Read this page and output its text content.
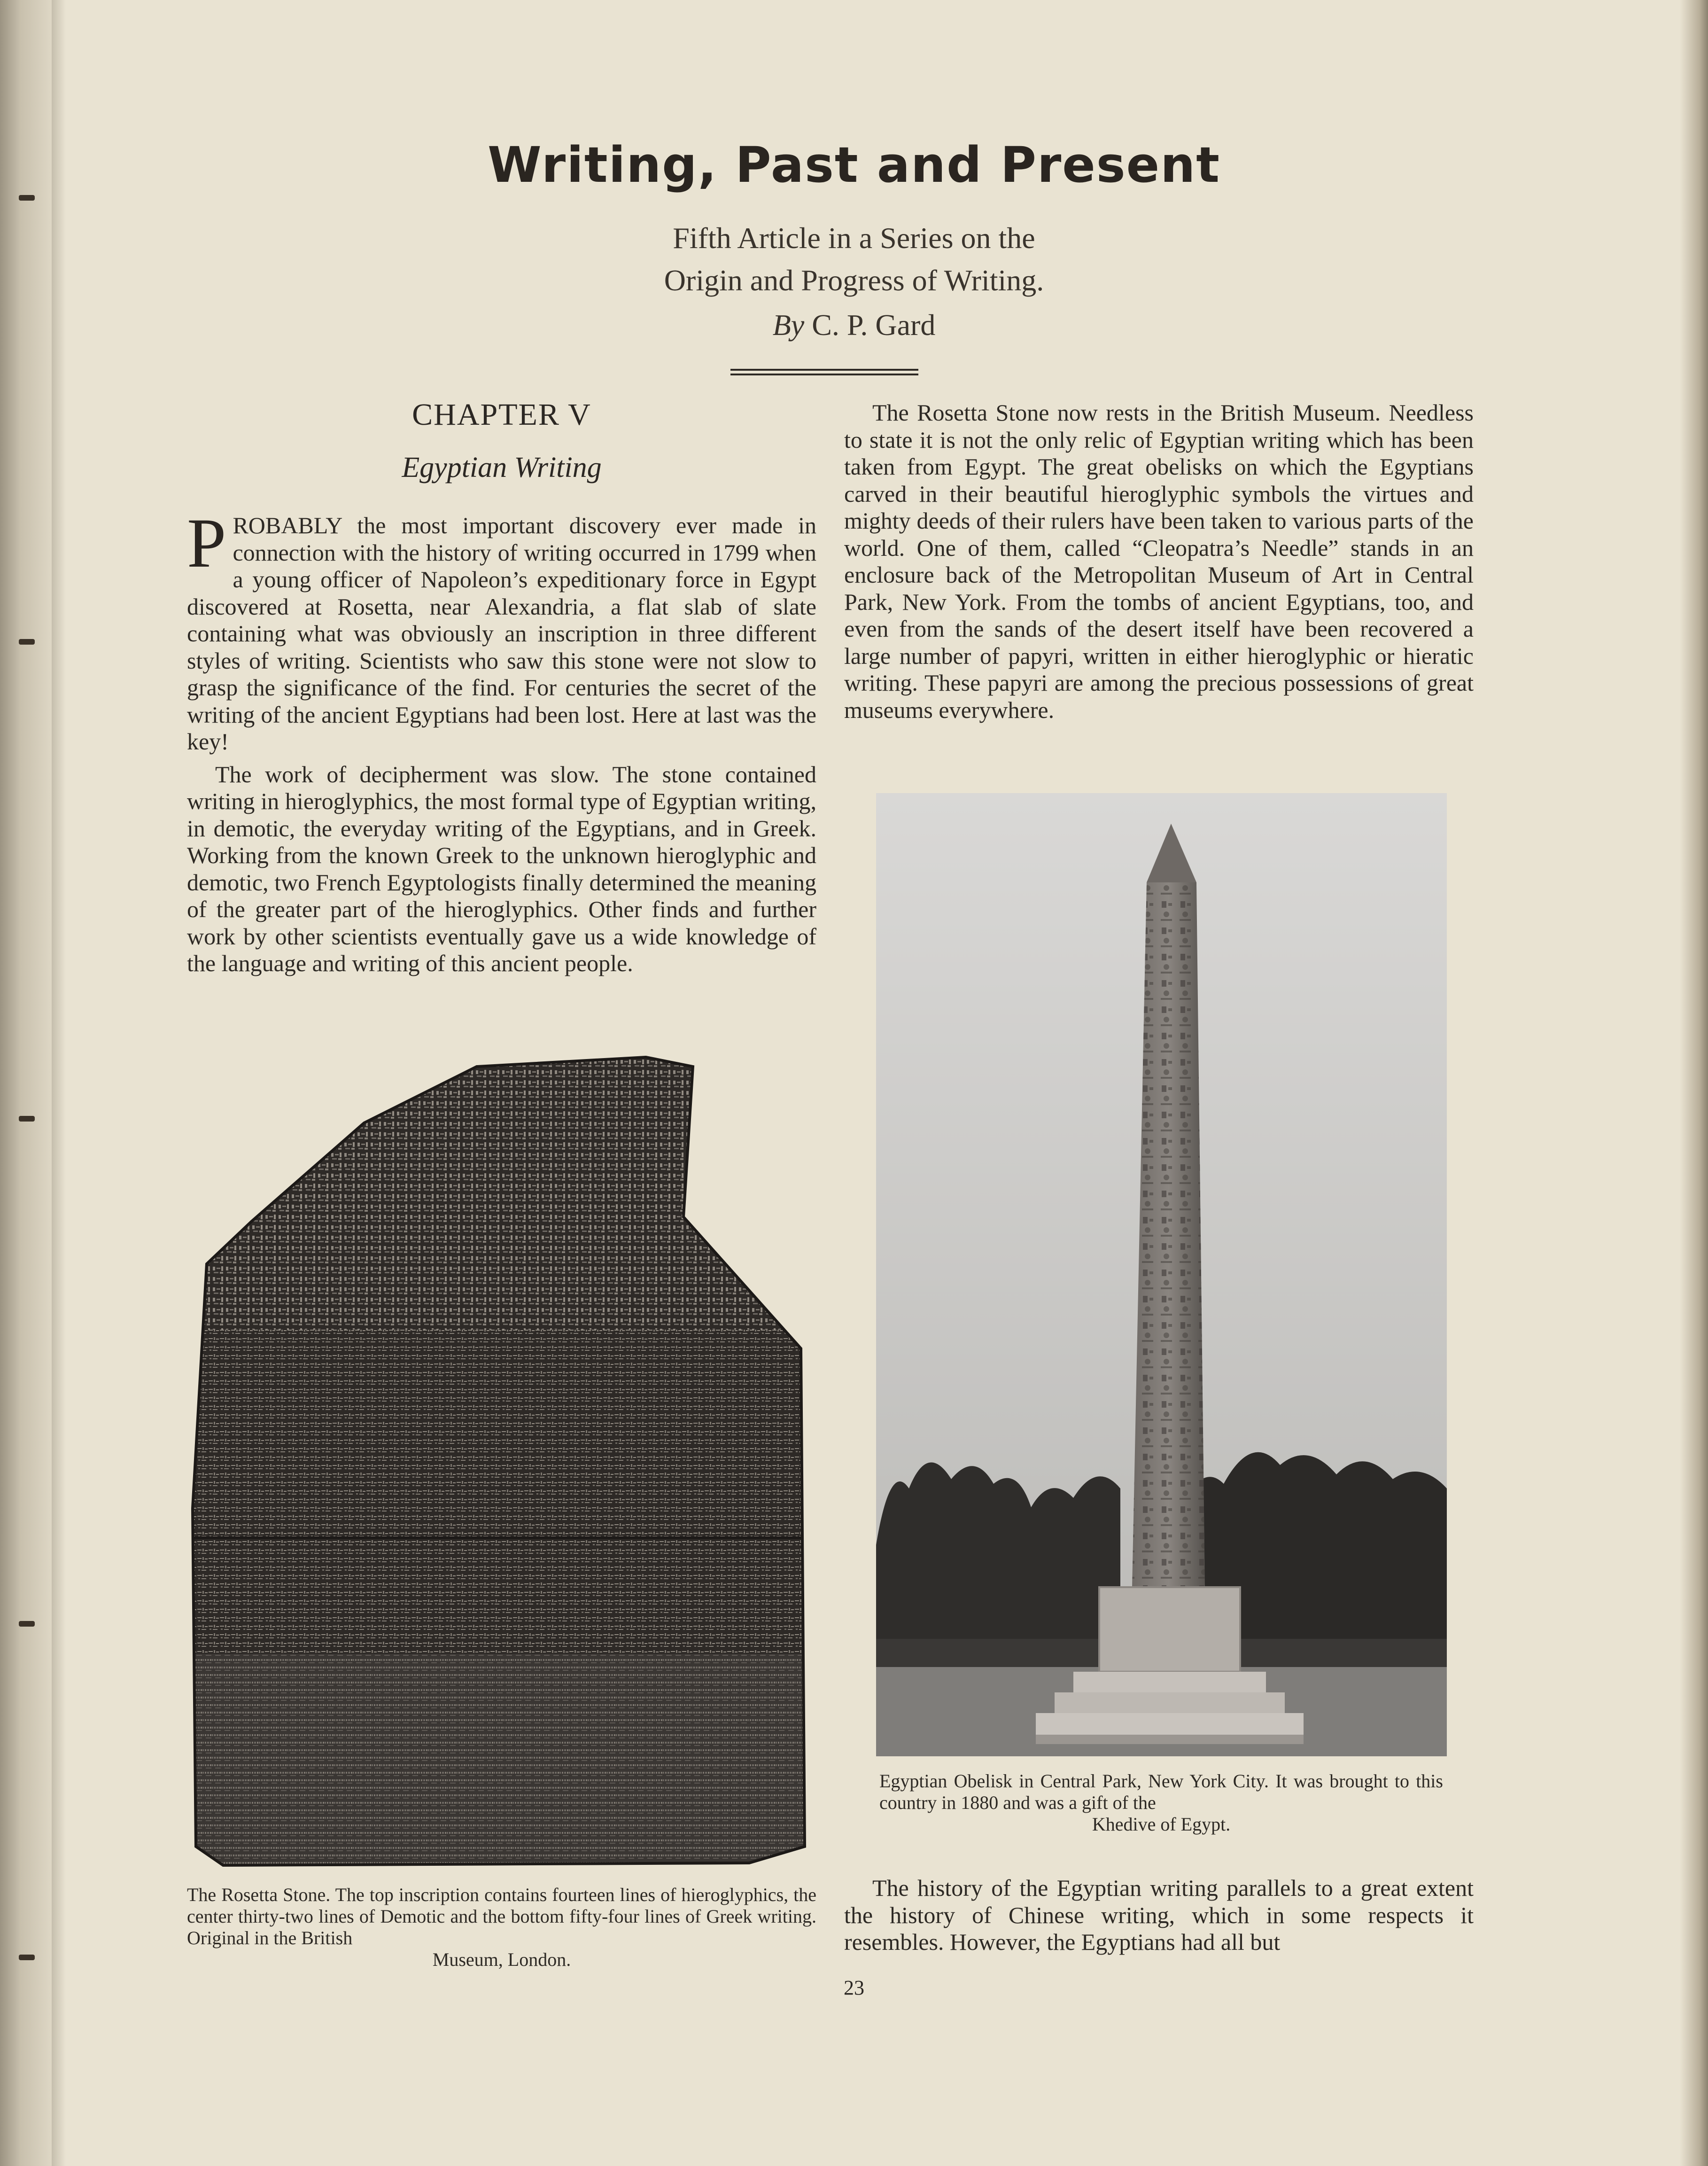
Writing, Past and Present
Fifth Article in a Series on the
Origin and Progress of Writing.
By C. P. Gard
CHAPTER V
Egyptian Writing

PROBABLY the most important discovery ever made in connection with the history of writing occurred in 1799 when a young officer of Napoleon’s expeditionary force in Egypt discovered at Rosetta, near Alexandria, a flat slab of slate containing what was obviously an inscription in three different styles of writing. Scientists who saw this stone were not slow to grasp the significance of the find. For centuries the secret of the writing of the ancient Egyptians had been lost. Here at last was the key!

The work of decipherment was slow. The stone contained writing in hieroglyphics, the most formal type of Egyptian writing, in demotic, the everyday writing of the Egyptians, and in Greek. Working from the known Greek to the unknown hieroglyphic and demotic, two French Egyptologists finally determined the meaning of the greater part of the hieroglyphics. Other finds and further work by other scientists eventually gave us a wide knowledge of the language and writing of this ancient people.

The Rosetta Stone. The top inscription contains fourteen lines of hieroglyphics, the center thirty-two lines of Demotic and the bottom fifty-four lines of Greek writing. Original in the British
Museum, London.

The Rosetta Stone now rests in the British Museum. Needless to state it is not the only relic of Egyptian writing which has been taken from Egypt. The great obelisks on which the Egyptians carved in their beautiful hieroglyphic symbols the virtues and mighty deeds of their rulers have been taken to various parts of the world. One of them, called “Cleopatra’s Needle” stands in an enclosure back of the Metropolitan Museum of Art in Central Park, New York. From the tombs of ancient Egyptians, too, and even from the sands of the desert itself have been recovered a large number of papyri, written in either hieroglyphic or hieratic writing. These papyri are among the precious possessions of great museums everywhere.

Egyptian Obelisk in Central Park, New York City. It was brought to this country in 1880 and was a gift of the
Khedive of Egypt.

The history of the Egyptian writing parallels to a great extent the history of Chinese writing, which in some respects it resembles. However, the Egyptians had all but

23
